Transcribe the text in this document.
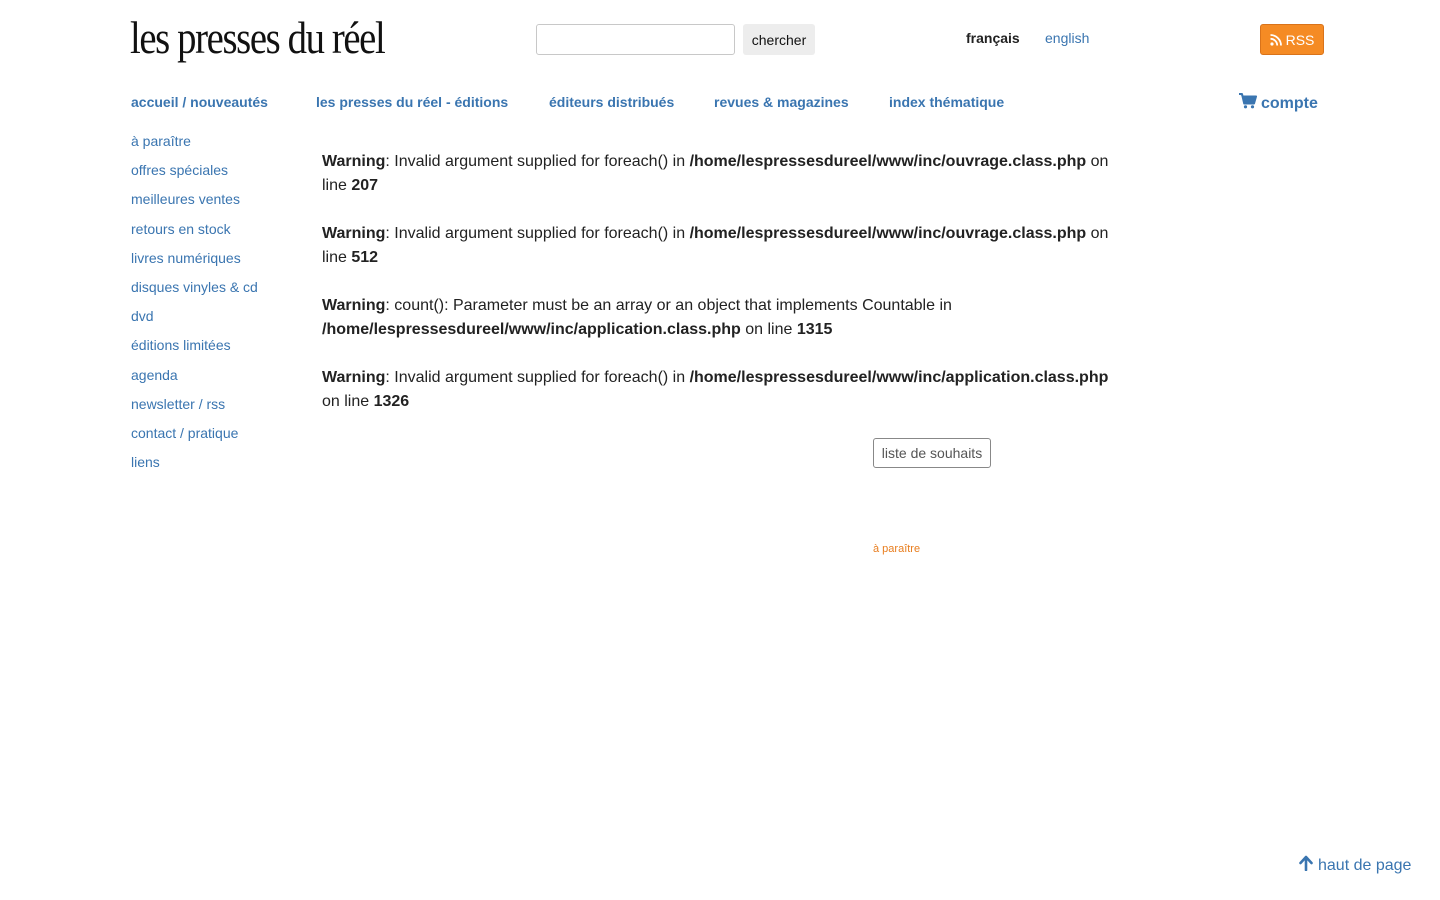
les presses du réel	chercher	français english	RSS
accueil / nouveautés	les presses du réel - éditions	éditeurs distribués	revues & magazines	index thématique	compte
à paraître
offres spéciales
meilleures ventes
retours en stock
livres numériques
disques vinyles & cd
dvd
éditions limitées
agenda
newsletter / rss
contact / pratique
liens

Warning: Invalid argument supplied for foreach() in /home/lespressesdureel/www/inc/ouvrage.class.php on line 207

Warning: Invalid argument supplied for foreach() in /home/lespressesdureel/www/inc/ouvrage.class.php on line 512

Warning: count(): Parameter must be an array or an object that implements Countable in /home/lespressesdureel/www/inc/application.class.php on line 1315

Warning: Invalid argument supplied for foreach() in /home/lespressesdureel/www/inc/application.class.php on line 1326

liste de souhaits
à paraître
haut de page
